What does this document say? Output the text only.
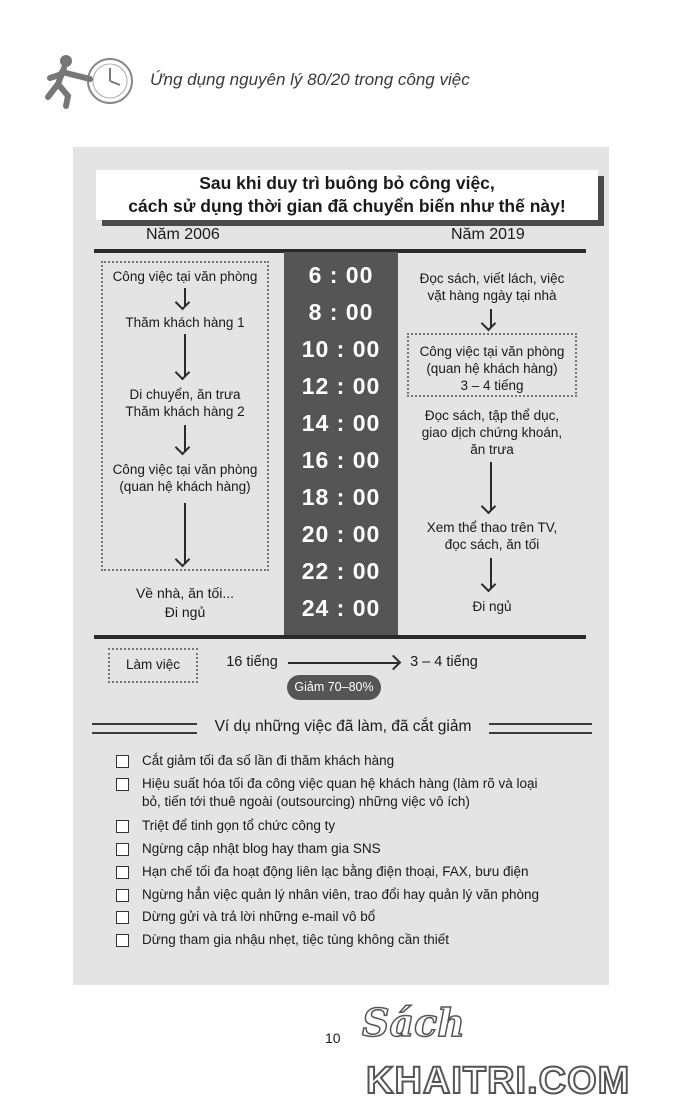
Ứng dụng nguyên lý 80/20 trong công việc
Sau khi duy trì buông bỏ công việc,
cách sử dụng thời gian đã chuyển biến như thế này!
Năm 2006	Năm 2019
6 : 00
8 : 00
10 : 00
12 : 00
14 : 00
16 : 00
18 : 00
20 : 00
22 : 00
24 : 00
Công việc tại văn phòng
Thăm khách hàng 1
Di chuyển, ăn trưa
Thăm khách hàng 2
Công việc tại văn phòng
(quan hệ khách hàng)
Về nhà, ăn tối...
Đi ngủ
Đọc sách, viết lách, việc
vặt hàng ngày tại nhà
Công việc tại văn phòng
(quan hệ khách hàng)
3 – 4 tiếng
Đọc sách, tập thể dục,
giao dịch chứng khoán,
ăn trưa
Xem thể thao trên TV,
đọc sách, ăn tối
Đi ngủ
Làm việc	16 tiếng	3 – 4 tiếng
Giảm 70–80%
Ví dụ những việc đã làm, đã cắt giảm
Cắt giảm tối đa số lần đi thăm khách hàng
Hiệu suất hóa tối đa công việc quan hệ khách hàng (làm rõ và loại
bỏ, tiến tới thuê ngoài (outsourcing) những việc vô ích)
Triệt để tinh gọn tổ chức công ty
Ngừng cập nhật blog hay tham gia SNS
Hạn chế tối đa hoạt động liên lạc bằng điện thoại, FAX, bưu điện
Ngừng hẳn việc quản lý nhân viên, trao đổi hay quản lý văn phòng
Dừng gửi và trả lời những e-mail vô bổ
Dừng tham gia nhậu nhẹt, tiệc tùng không cần thiết
10 Sách
KHAITRI.COM
